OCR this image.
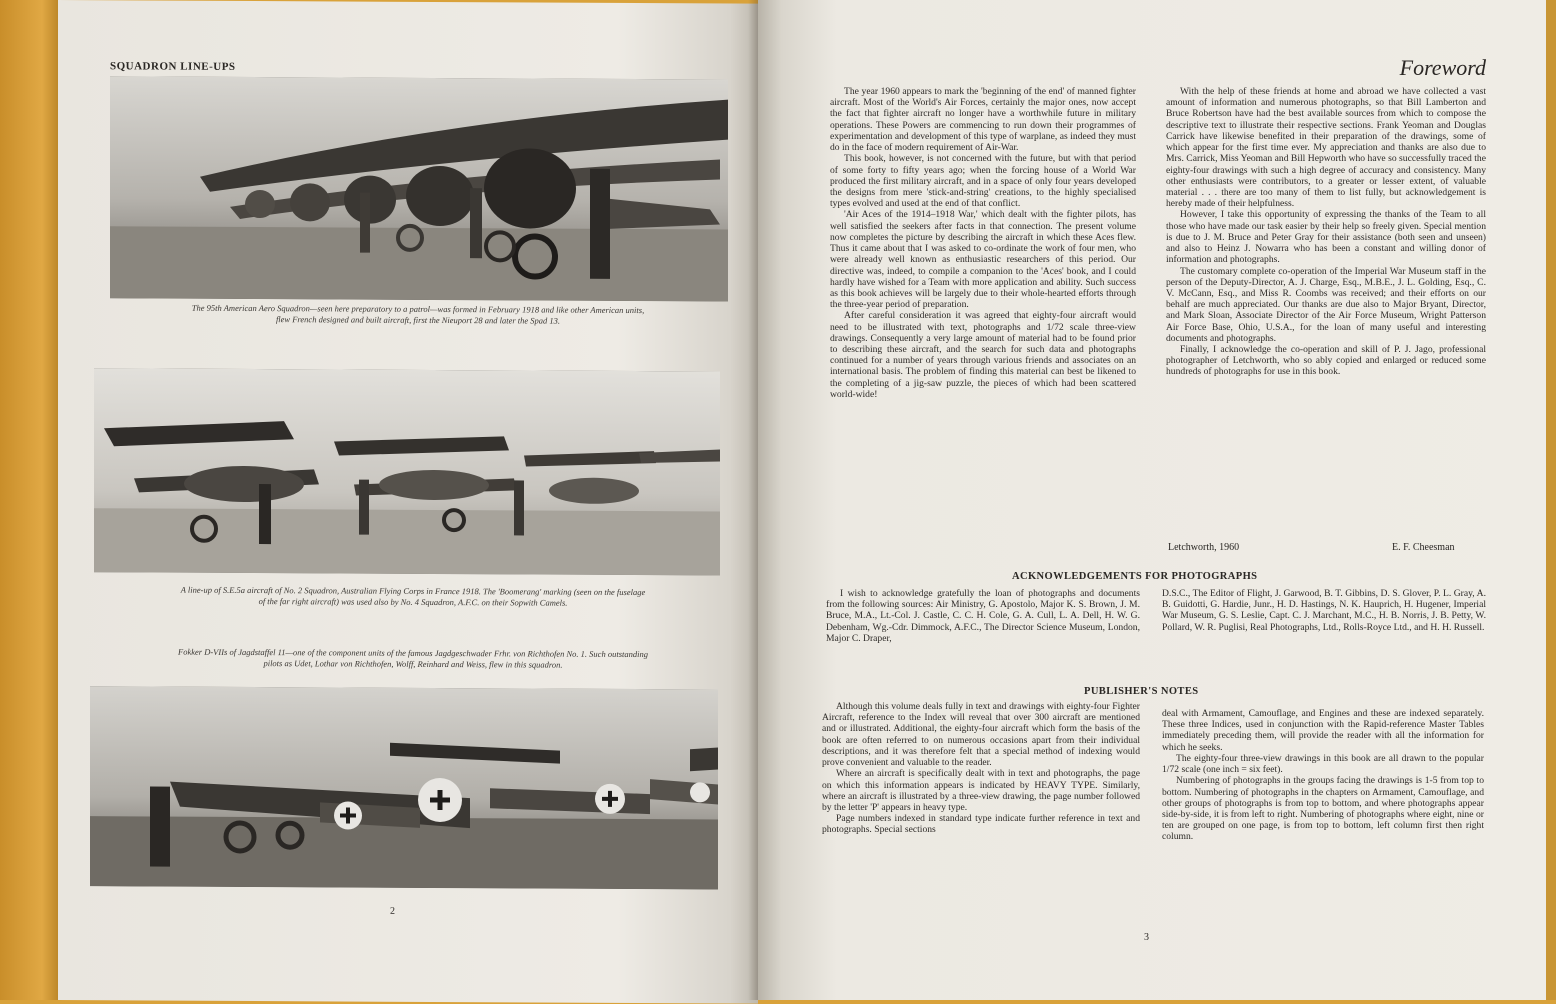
SQUADRON LINE-UPS
The 95th American Aero Squadron—seen here preparatory to a patrol—was formed in February 1918 and like other American units, flew French designed and built aircraft, first the Nieuport 28 and later the Spad 13.
A line-up of S.E.5a aircraft of No. 2 Squadron, Australian Flying Corps in France 1918. The 'Boomerang' marking (seen on the fuselage of the far right aircraft) was used also by No. 4 Squadron, A.F.C. on their Sopwith Camels.
Fokker D-VIIs of Jagdstaffel 11—one of the component units of the famous Jagdgeschwader Frhr. von Richthofen No. 1. Such outstanding pilots as Udet, Lothar von Richthofen, Wolff, Reinhard and Weiss, flew in this squadron.
2
Foreword

The year 1960 appears to mark the 'beginning of the end' of manned fighter aircraft. Most of the World's Air Forces, certainly the major ones, now accept the fact that fighter aircraft no longer have a worthwhile future in military operations. These Powers are commencing to run down their programmes of experimentation and development of this type of warplane, as indeed they must do in the face of modern requirement of Air-War.

This book, however, is not concerned with the future, but with that period of some forty to fifty years ago; when the forcing house of a World War produced the first military aircraft, and in a space of only four years developed the designs from mere 'stick-and-string' creations, to the highly specialised types evolved and used at the end of that conflict.

'Air Aces of the 1914–1918 War,' which dealt with the fighter pilots, has well satisfied the seekers after facts in that connection. The present volume now completes the picture by describing the aircraft in which these Aces flew. Thus it came about that I was asked to co-ordinate the work of four men, who were already well known as enthusiastic researchers of this period. Our directive was, indeed, to compile a companion to the 'Aces' book, and I could hardly have wished for a Team with more application and ability. Such success as this book achieves will be largely due to their whole-hearted efforts through the three-year period of preparation.

After careful consideration it was agreed that eighty-four aircraft would need to be illustrated with text, photographs and 1/72 scale three-view drawings. Consequently a very large amount of material had to be found prior to describing these aircraft, and the search for such data and photographs continued for a number of years through various friends and associates on an international basis. The problem of finding this material can best be likened to the completing of a jig-saw puzzle, the pieces of which had been scattered world-wide!

With the help of these friends at home and abroad we have collected a vast amount of information and numerous photographs, so that Bill Lamberton and Bruce Robertson have had the best available sources from which to compose the descriptive text to illustrate their respective sections. Frank Yeoman and Douglas Carrick have likewise benefited in their preparation of the drawings, some of which appear for the first time ever. My appreciation and thanks are also due to Mrs. Carrick, Miss Yeoman and Bill Hepworth who have so successfully traced the eighty-four drawings with such a high degree of accuracy and consistency. Many other enthusiasts were contributors, to a greater or lesser extent, of valuable material . . . there are too many of them to list fully, but acknowledgement is hereby made of their helpfulness.

However, I take this opportunity of expressing the thanks of the Team to all those who have made our task easier by their help so freely given. Special mention is due to J. M. Bruce and Peter Gray for their assistance (both seen and unseen) and also to Heinz J. Nowarra who has been a constant and willing donor of information and photographs.

The customary complete co-operation of the Imperial War Museum staff in the person of the Deputy-Director, A. J. Charge, Esq., M.B.E., J. L. Golding, Esq., C. V. McCann, Esq., and Miss R. Coombs was received; and their efforts on our behalf are much appreciated. Our thanks are due also to Major Bryant, Director, and Mark Sloan, Associate Director of the Air Force Museum, Wright Patterson Air Force Base, Ohio, U.S.A., for the loan of many useful and interesting documents and photographs.

Finally, I acknowledge the co-operation and skill of P. J. Jago, professional photographer of Letchworth, who so ably copied and enlarged or reduced some hundreds of photographs for use in this book.

Letchworth, 1960	E. F. Cheesman
ACKNOWLEDGEMENTS FOR PHOTOGRAPHS

I wish to acknowledge gratefully the loan of photographs and documents from the following sources: Air Ministry, G. Apostolo, Major K. S. Brown, J. M. Bruce, M.A., Lt.-Col. J. Castle, C. C. H. Cole, G. A. Cull, L. A. Dell, H. W. G. Debenham, Wg.-Cdr. Dimmock, A.F.C., The Director Science Museum, London, Major C. Draper,

D.S.C., The Editor of Flight, J. Garwood, B. T. Gibbins, D. S. Glover, P. L. Gray, A. B. Guidotti, G. Hardie, Junr., H. D. Hastings, N. K. Hauprich, H. Hugener, Imperial War Museum, G. S. Leslie, Capt. C. J. Marchant, M.C., H. B. Norris, J. B. Petty, W. Pollard, W. R. Puglisi, Real Photographs, Ltd., Rolls-Royce Ltd., and H. H. Russell.

PUBLISHER'S NOTES

Although this volume deals fully in text and drawings with eighty-four Fighter Aircraft, reference to the Index will reveal that over 300 aircraft are mentioned and or illustrated. Additional, the eighty-four aircraft which form the basis of the book are often referred to on numerous occasions apart from their individual descriptions, and it was therefore felt that a special method of indexing would prove convenient and valuable to the reader.

Where an aircraft is specifically dealt with in text and photographs, the page on which this information appears is indicated by HEAVY TYPE. Similarly, where an aircraft is illustrated by a three-view drawing, the page number followed by the letter 'P' appears in heavy type.

Page numbers indexed in standard type indicate further reference in text and photographs. Special sections

deal with Armament, Camouflage, and Engines and these are indexed separately. These three Indices, used in conjunction with the Rapid-reference Master Tables immediately preceding them, will provide the reader with all the information for which he seeks.

The eighty-four three-view drawings in this book are all drawn to the popular 1/72 scale (one inch = six feet).

Numbering of photographs in the groups facing the drawings is 1-5 from top to bottom. Numbering of photographs in the chapters on Armament, Camouflage, and other groups of photographs is from top to bottom, and where photographs appear side-by-side, it is from left to right. Numbering of photographs where eight, nine or ten are grouped on one page, is from top to bottom, left column first then right column.

3
